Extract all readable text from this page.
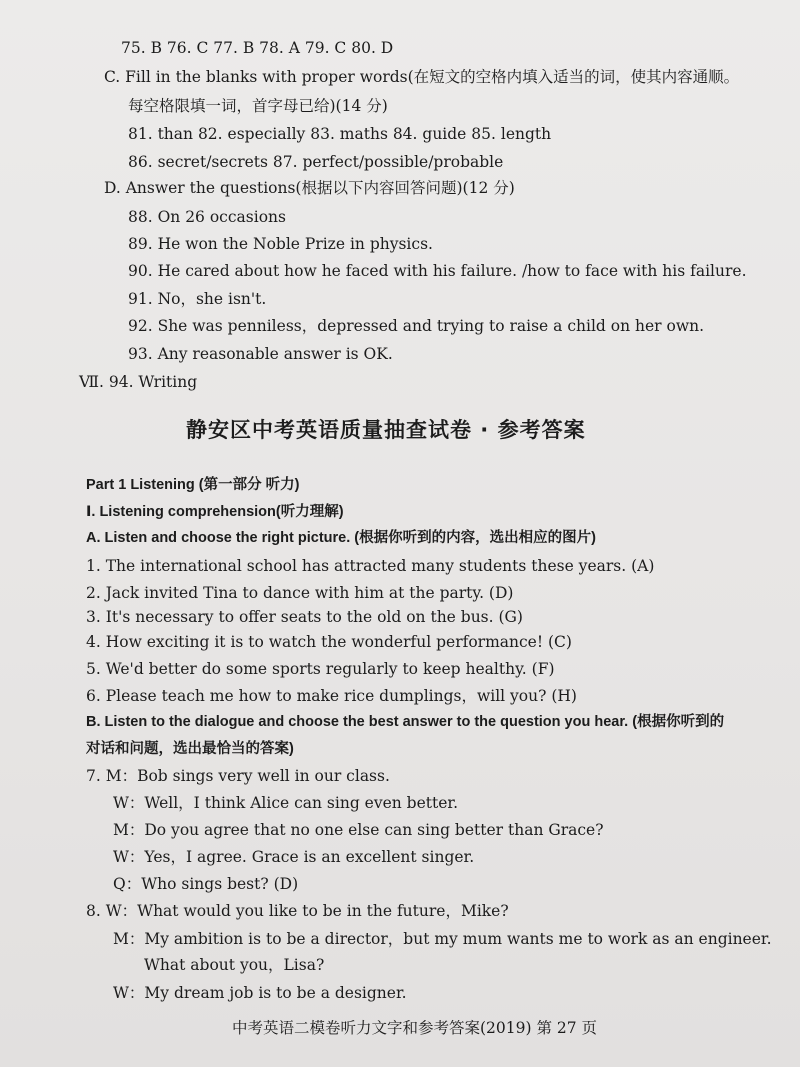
75. B 76. C 77. B 78. A 79. C 80. D
C. Fill in the blanks with proper words(在短文的空格内填入适当的词，使其内容通顺。
每空格限填一词，首字母已给)(14 分)
81. than 82. especially 83. maths 84. guide 85. length
86. secret/secrets 87. perfect/possible/probable
D. Answer the questions(根据以下内容回答问题)(12 分)
88. On 26 occasions
89. He won the Noble Prize in physics.
90. He cared about how he faced with his failure. /how to face with his failure.
91. No，she isn't.
92. She was penniless，depressed and trying to raise a child on her own.
93. Any reasonable answer is OK.
Ⅶ. 94. Writing
静安区中考英语质量抽查试卷 · 参考答案
Part 1 Listening (第一部分 听力)
Ⅰ. Listening comprehension(听力理解)
A. Listen and choose the right picture. (根据你听到的内容，选出相应的图片)
1. The international school has attracted many students these years. (A)
2. Jack invited Tina to dance with him at the party. (D)
3. It's necessary to offer seats to the old on the bus. (G)
4. How exciting it is to watch the wonderful performance! (C)
5. We'd better do some sports regularly to keep healthy. (F)
6. Please teach me how to make rice dumplings，will you? (H)
B. Listen to the dialogue and choose the best answer to the question you hear. (根据你听到的
对话和问题，选出最恰当的答案)
7. M：Bob sings very well in our class.
W：Well，I think Alice can sing even better.
M：Do you agree that no one else can sing better than Grace?
W：Yes，I agree. Grace is an excellent singer.
Q：Who sings best? (D)
8. W：What would you like to be in the future，Mike?
M：My ambition is to be a director，but my mum wants me to work as an engineer.
What about you，Lisa?
W：My dream job is to be a designer.
中考英语二模卷听力文字和参考答案(2019) 第 27 页
